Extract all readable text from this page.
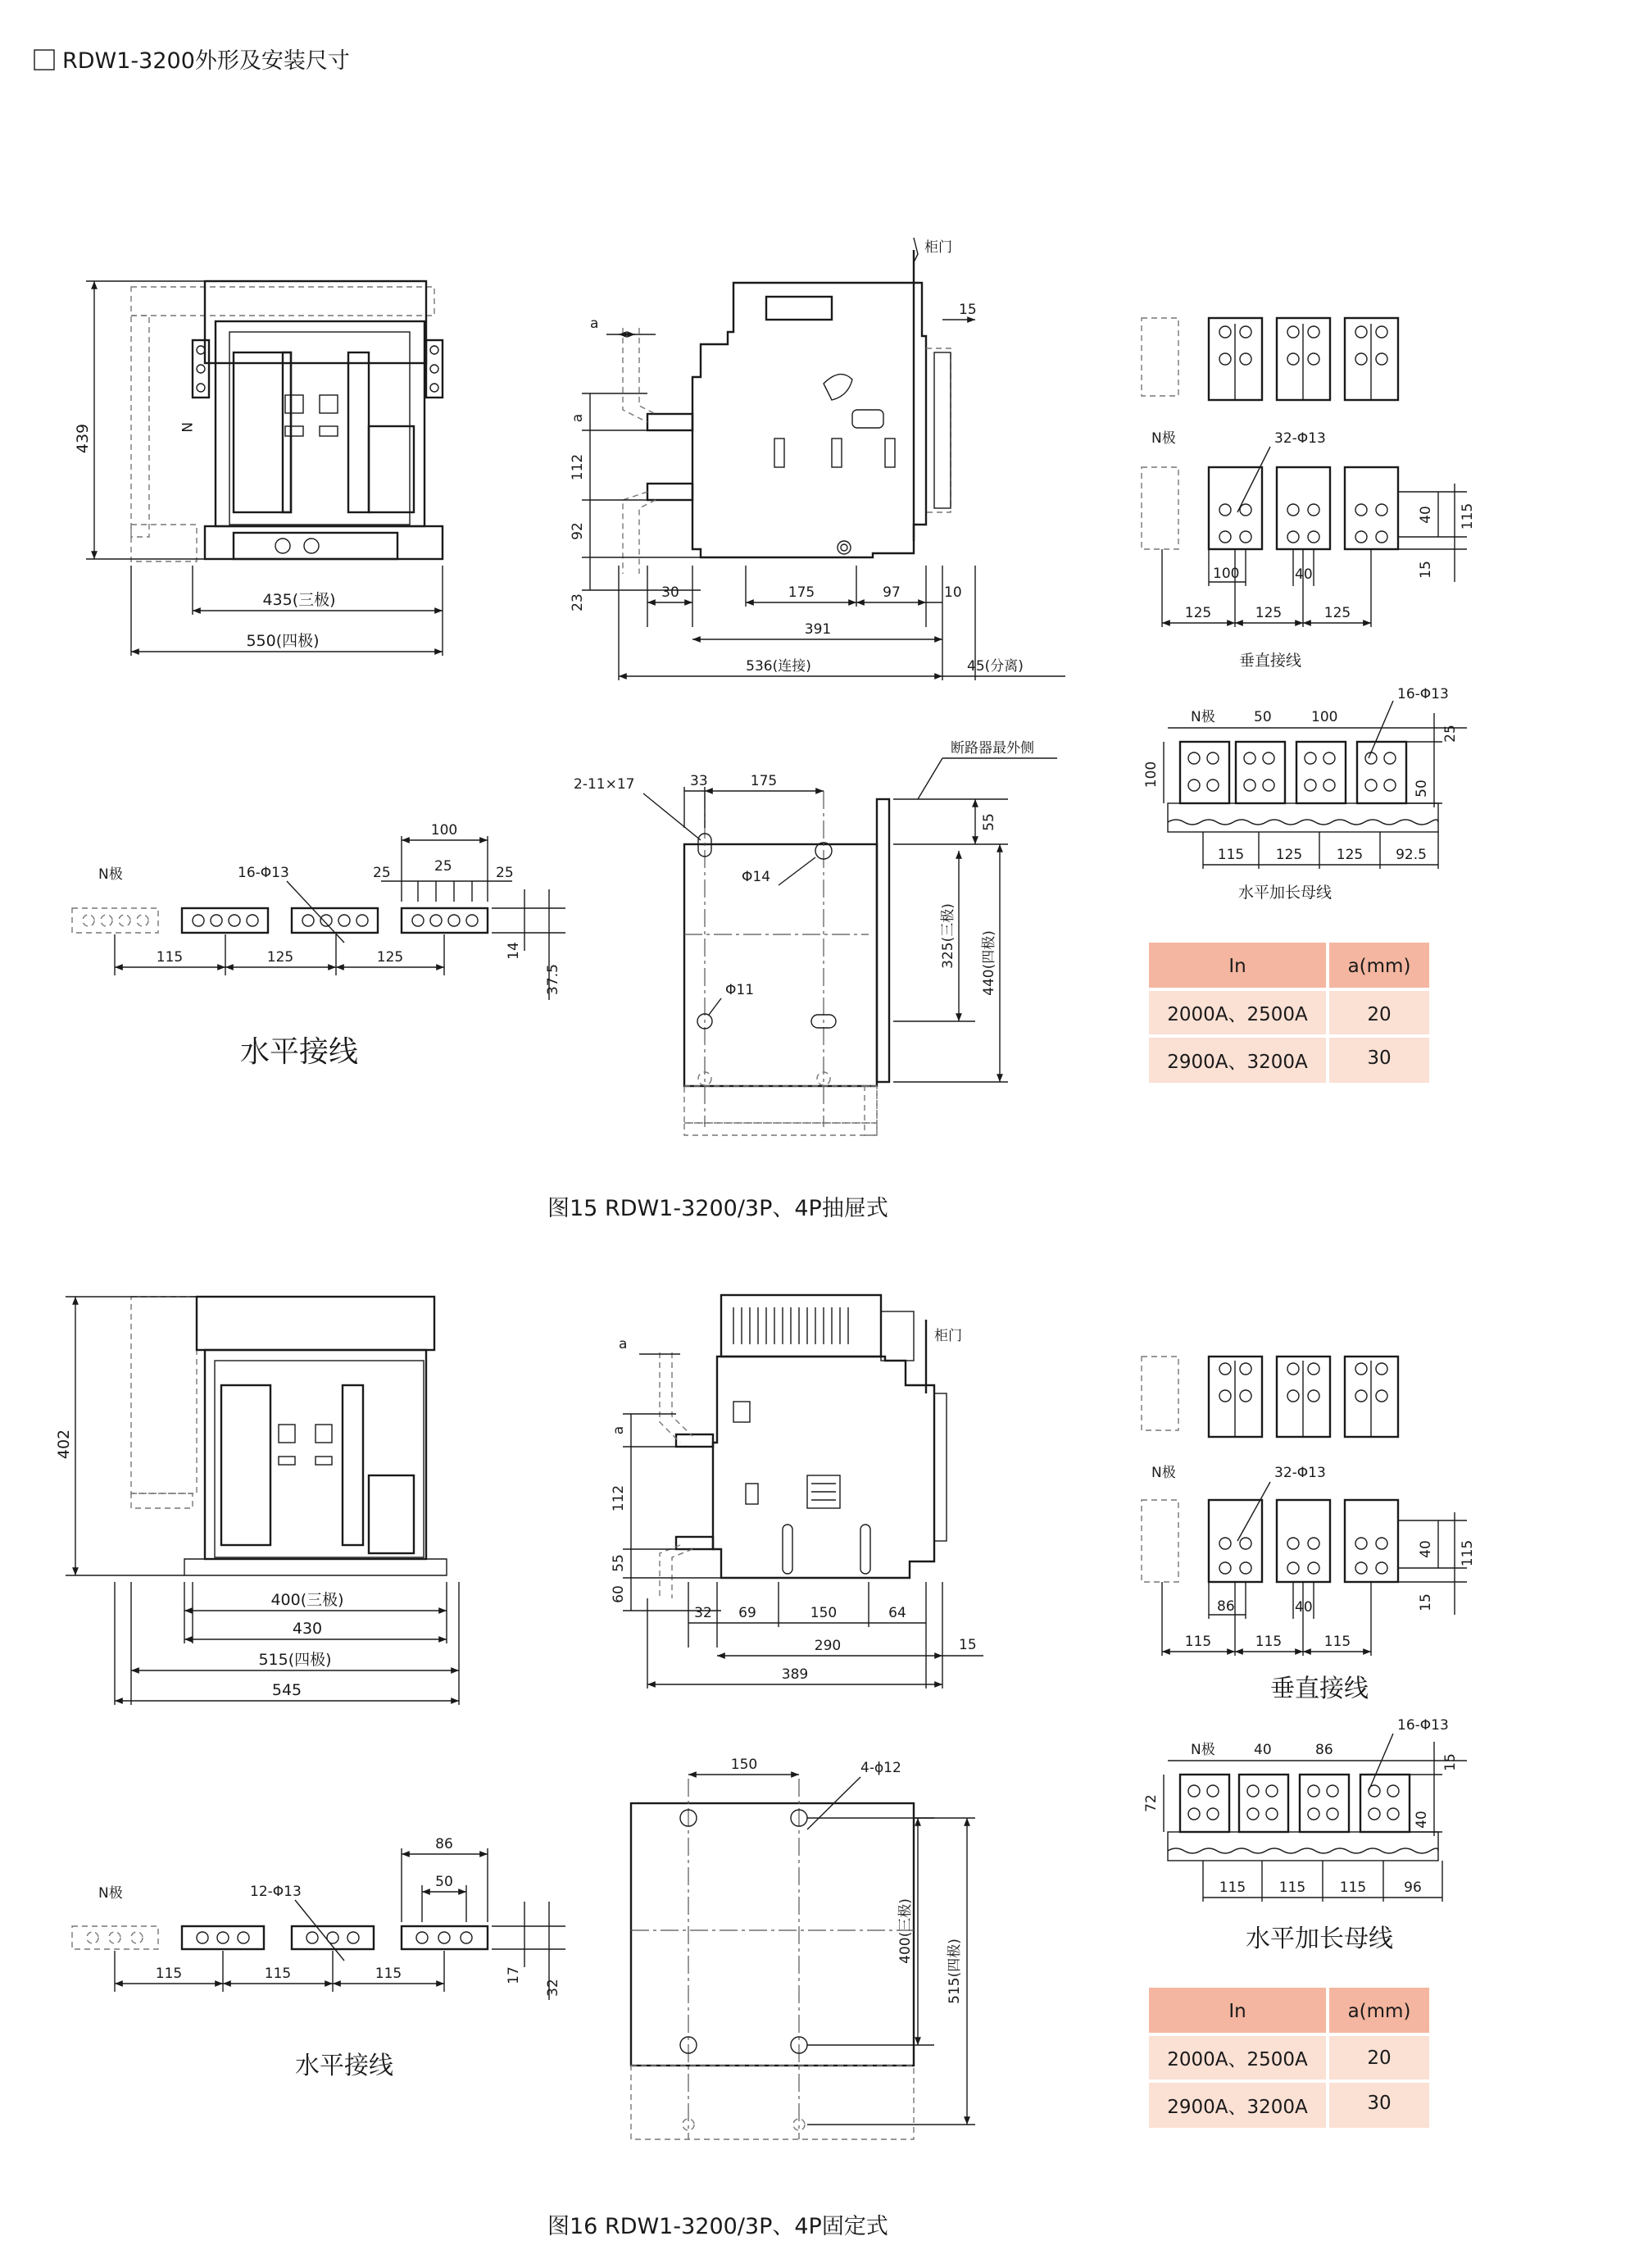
RDW1-3200外形及安装尺寸
N
439
435(三极)
550(四极)
柜门
a
a
112
92
23
15
30	175	97	10
391
536(连接)	45(分离)
33	175
2-11×17
Φ14
Φ11
断路器最外侧
55
325(三极) 440(四极)
N极	16-Φ13
100
25	25	25
115	125	125	14
37.5
水平接线
N极	32-Φ13
40 115
15
100	40
125	125	125
垂直接线
N极	50	100
16-Φ13
25
50
100
115 125 125 92.5
水平加长母线
In	a(mm)
2000A、2500A	20
2900A、3200A	30
图15 RDW1-3200/3P、4P抽屉式
402
400(三极)
430
515(四极)
545
柜门
a
a
112
55
60
32 69	150	64
15
290
389
150	4-ϕ12
400(三极)
515(四极)
N极	12-Φ13
86
50
115	115	115	17
32
水平接线
N极	32-Φ13
40 115
15
86	40
115	115	115
垂直接线
N极	40	86
16-Φ13
15
40
72
115 115 115	96
水平加长母线
In	a(mm)
2000A、2500A	20
2900A、3200A	30
图16 RDW1-3200/3P、4P固定式
